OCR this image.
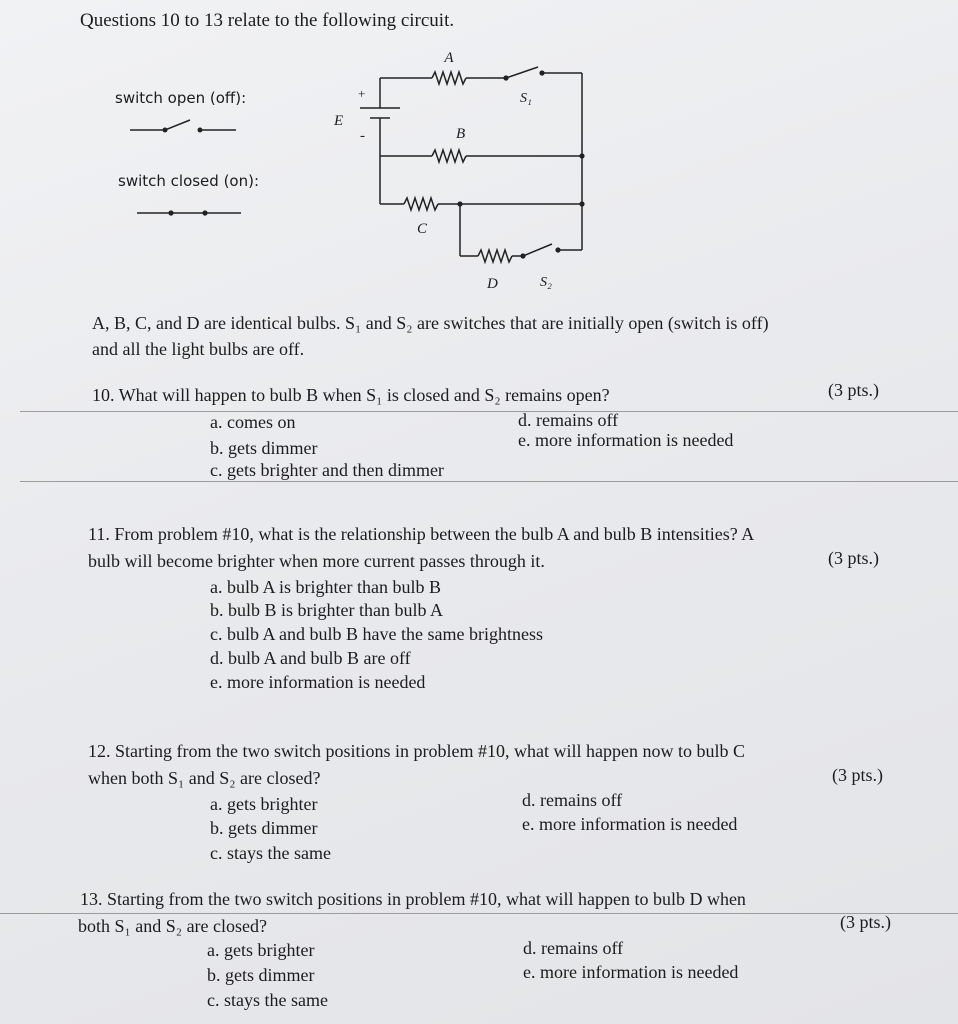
Questions 10 to 13 relate to the following circuit.
switch open (off):
switch closed (on):
A
S₁
+
E
-	B
C
D	S₂
A, B, C, and D are identical bulbs. S₁ and S₂ are switches that are initially open (switch is off)
and all the light bulbs are off.
10. What will happen to bulb B when S₁ is closed and S₂ remains open?	(3 pts.)
a. comes on	d. remains off
b. gets dimmer	e. more information is needed
c. gets brighter and then dimmer
11. From problem #10, what is the relationship between the bulb A and bulb B intensities? A
bulb will become brighter when more current passes through it.	(3 pts.)
a. bulb A is brighter than bulb B
b. bulb B is brighter than bulb A
c. bulb A and bulb B have the same brightness
d. bulb A and bulb B are off
e. more information is needed
12. Starting from the two switch positions in problem #10, what will happen now to bulb C
when both S₁ and S₂ are closed?	(3 pts.)
a. gets brighter	d. remains off
b. gets dimmer	e. more information is needed
c. stays the same
13. Starting from the two switch positions in problem #10, what will happen to bulb D when
both S₁ and S₂ are closed?	(3 pts.)
a. gets brighter	d. remains off
b. gets dimmer	e. more information is needed
c. stays the same
